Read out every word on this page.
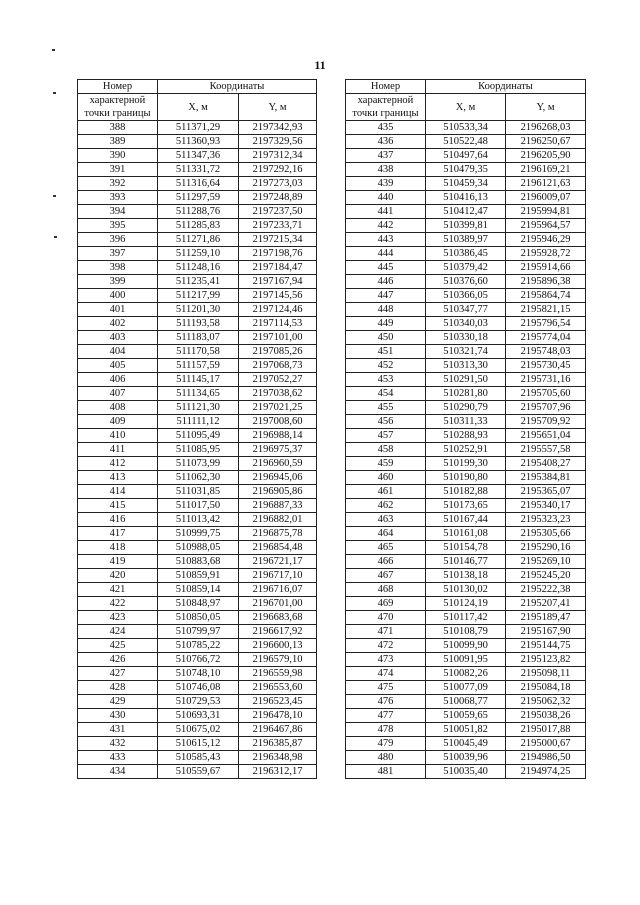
11
Номер	Координаты	
характерной
точки границы	X, м	Y, м

388	511371,29	2197342,93
389	511360,93	2197329,56
390	511347,36	2197312,34
391	511331,72	2197292,16
392	511316,64	2197273,03
393	511297,59	2197248,89
394	511288,76	2197237,50
395	511285,83	2197233,71
396	511271,86	2197215,34
397	511259,10	2197198,76
398	511248,16	2197184,47
399	511235,41	2197167,94
400	511217,99	2197145,56
401	511201,30	2197124,46
402	511193,58	2197114,53
403	511183,07	2197101,00
404	511170,58	2197085,26
405	511157,59	2197068,73
406	511145,17	2197052,27
407	511134,65	2197038,62
408	511121,30	2197021,25
409	511111,12	2197008,60
410	511095,49	2196988,14
411	511085,95	2196975,37
412	511073,99	2196960,59
413	511062,30	2196945,06
414	511031,85	2196905,86
415	511017,50	2196887,33
416	511013,42	2196882,01
417	510999,75	2196875,78
418	510988,05	2196854,48
419	510883,68	2196721,17
420	510859,91	2196717,10
421	510859,14	2196716,07
422	510848,97	2196701,00
423	510850,05	2196683,68
424	510799,97	2196617,92
425	510785,22	2196600,13
426	510766,72	2196579,10
427	510748,10	2196559,98
428	510746,08	2196553,60
429	510729,53	2196523,45
430	510693,31	2196478,10
431	510675,02	2196467,86
432	510615,12	2196385,87
433	510585,43	2196348,98
434	510559,67	2196312,17
Номер	Координаты	
характерной
точки границы	X, м	Y, м

435	510533,34	2196268,03
436	510522,48	2196250,67
437	510497,64	2196205,90
438	510479,35	2196169,21
439	510459,34	2196121,63
440	510416,13	2196009,07
441	510412,47	2195994,81
442	510399,81	2195964,57
443	510389,97	2195946,29
444	510386,45	2195928,72
445	510379,42	2195914,66
446	510376,60	2195896,38
447	510366,05	2195864,74
448	510347,77	2195821,15
449	510340,03	2195796,54
450	510330,18	2195774,04
451	510321,74	2195748,03
452	510313,30	2195730,45
453	510291,50	2195731,16
454	510281,80	2195705,60
455	510290,79	2195707,96
456	510311,33	2195709,92
457	510288,93	2195651,04
458	510252,91	2195557,58
459	510199,30	2195408,27
460	510190,80	2195384,81
461	510182,88	2195365,07
462	510173,65	2195340,17
463	510167,44	2195323,23
464	510161,08	2195305,66
465	510154,78	2195290,16
466	510146,77	2195269,10
467	510138,18	2195245,20
468	510130,02	2195222,38
469	510124,19	2195207,41
470	510117,42	2195189,47
471	510108,79	2195167,90
472	510099,90	2195144,75
473	510091,95	2195123,82
474	510082,26	2195098,11
475	510077,09	2195084,18
476	510068,77	2195062,32
477	510059,65	2195038,26
478	510051,82	2195017,88
479	510045,49	2195000,67
480	510039,96	2194986,50
481	510035,40	2194974,25
